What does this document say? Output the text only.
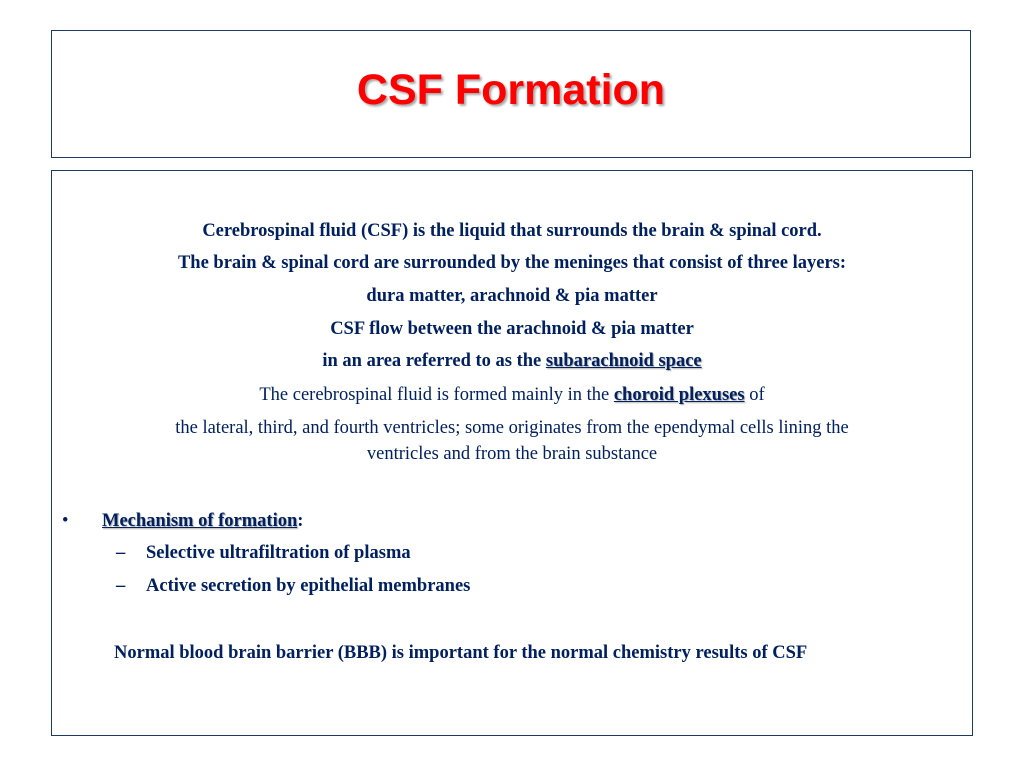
CSF Formation
Cerebrospinal fluid (CSF) is the liquid that surrounds the brain & spinal cord.
The brain & spinal cord are surrounded by the meninges that consist of three layers:
dura matter, arachnoid & pia matter
CSF flow between the arachnoid & pia matter
in an area referred to as the subarachnoid space
The cerebrospinal fluid is formed mainly in the choroid plexuses of
the lateral, third, and fourth ventricles; some originates from the ependymal cells lining the
ventricles and from the brain substance
• Mechanism of formation:
– Selective ultrafiltration of plasma
– Active secretion by epithelial membranes
Normal blood brain barrier (BBB) is important for the normal chemistry results of CSF
